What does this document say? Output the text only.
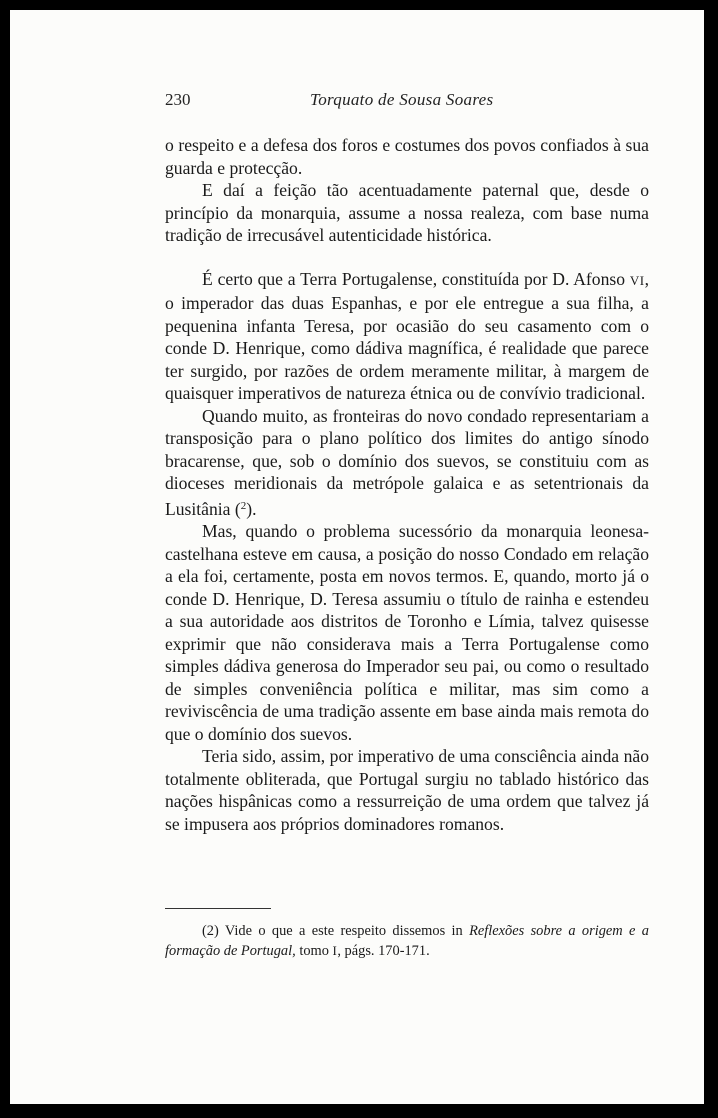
230	Torquato de Sousa Soares

o respeito e a defesa dos foros e costumes dos povos confiados à sua guarda e protecção.

E daí a feição tão acentuadamente paternal que, desde o princípio da monarquia, assume a nossa realeza, com base numa tradição de irrecusável autenticidade histórica.

É certo que a Terra Portugalense, constituída por D. Afonso VI, o imperador das duas Espanhas, e por ele entregue a sua filha, a pequenina infanta Teresa, por ocasião do seu casamento com o conde D. Henrique, como dádiva magnífica, é realidade que parece ter surgido, por razões de ordem meramente militar, à margem de quaisquer imperativos de natureza étnica ou de convívio tradicional.

Quando muito, as fronteiras do novo condado representariam a transposição para o plano político dos limites do antigo sínodo bracarense, que, sob o domínio dos suevos, se constituiu com as dioceses meridionais da metrópole galaica e as setentrionais da Lusitânia ($^2$).

Mas, quando o problema sucessório da monarquia leonesa-castelhana esteve em causa, a posição do nosso Condado em relação a ela foi, certamente, posta em novos termos. E, quando, morto já o conde D. Henrique, D. Teresa assumiu o título de rainha e estendeu a sua autoridade aos distritos de Toronho e Límia, talvez quisesse exprimir que não considerava mais a Terra Portugalense como simples dádiva generosa do Imperador seu pai, ou como o resultado de simples conveniência política e militar, mas sim como a reviviscência de uma tradição assente em base ainda mais remota do que o domínio dos suevos.

Teria sido, assim, por imperativo de uma consciência ainda não totalmente obliterada, que Portugal surgiu no tablado histórico das nações hispânicas como a ressurreição de uma ordem que talvez já se impusera aos próprios dominadores romanos.

(2) Vide o que a este respeito dissemos in Reflexões sobre a origem e a formação de Portugal, tomo I, págs. 170-171.
